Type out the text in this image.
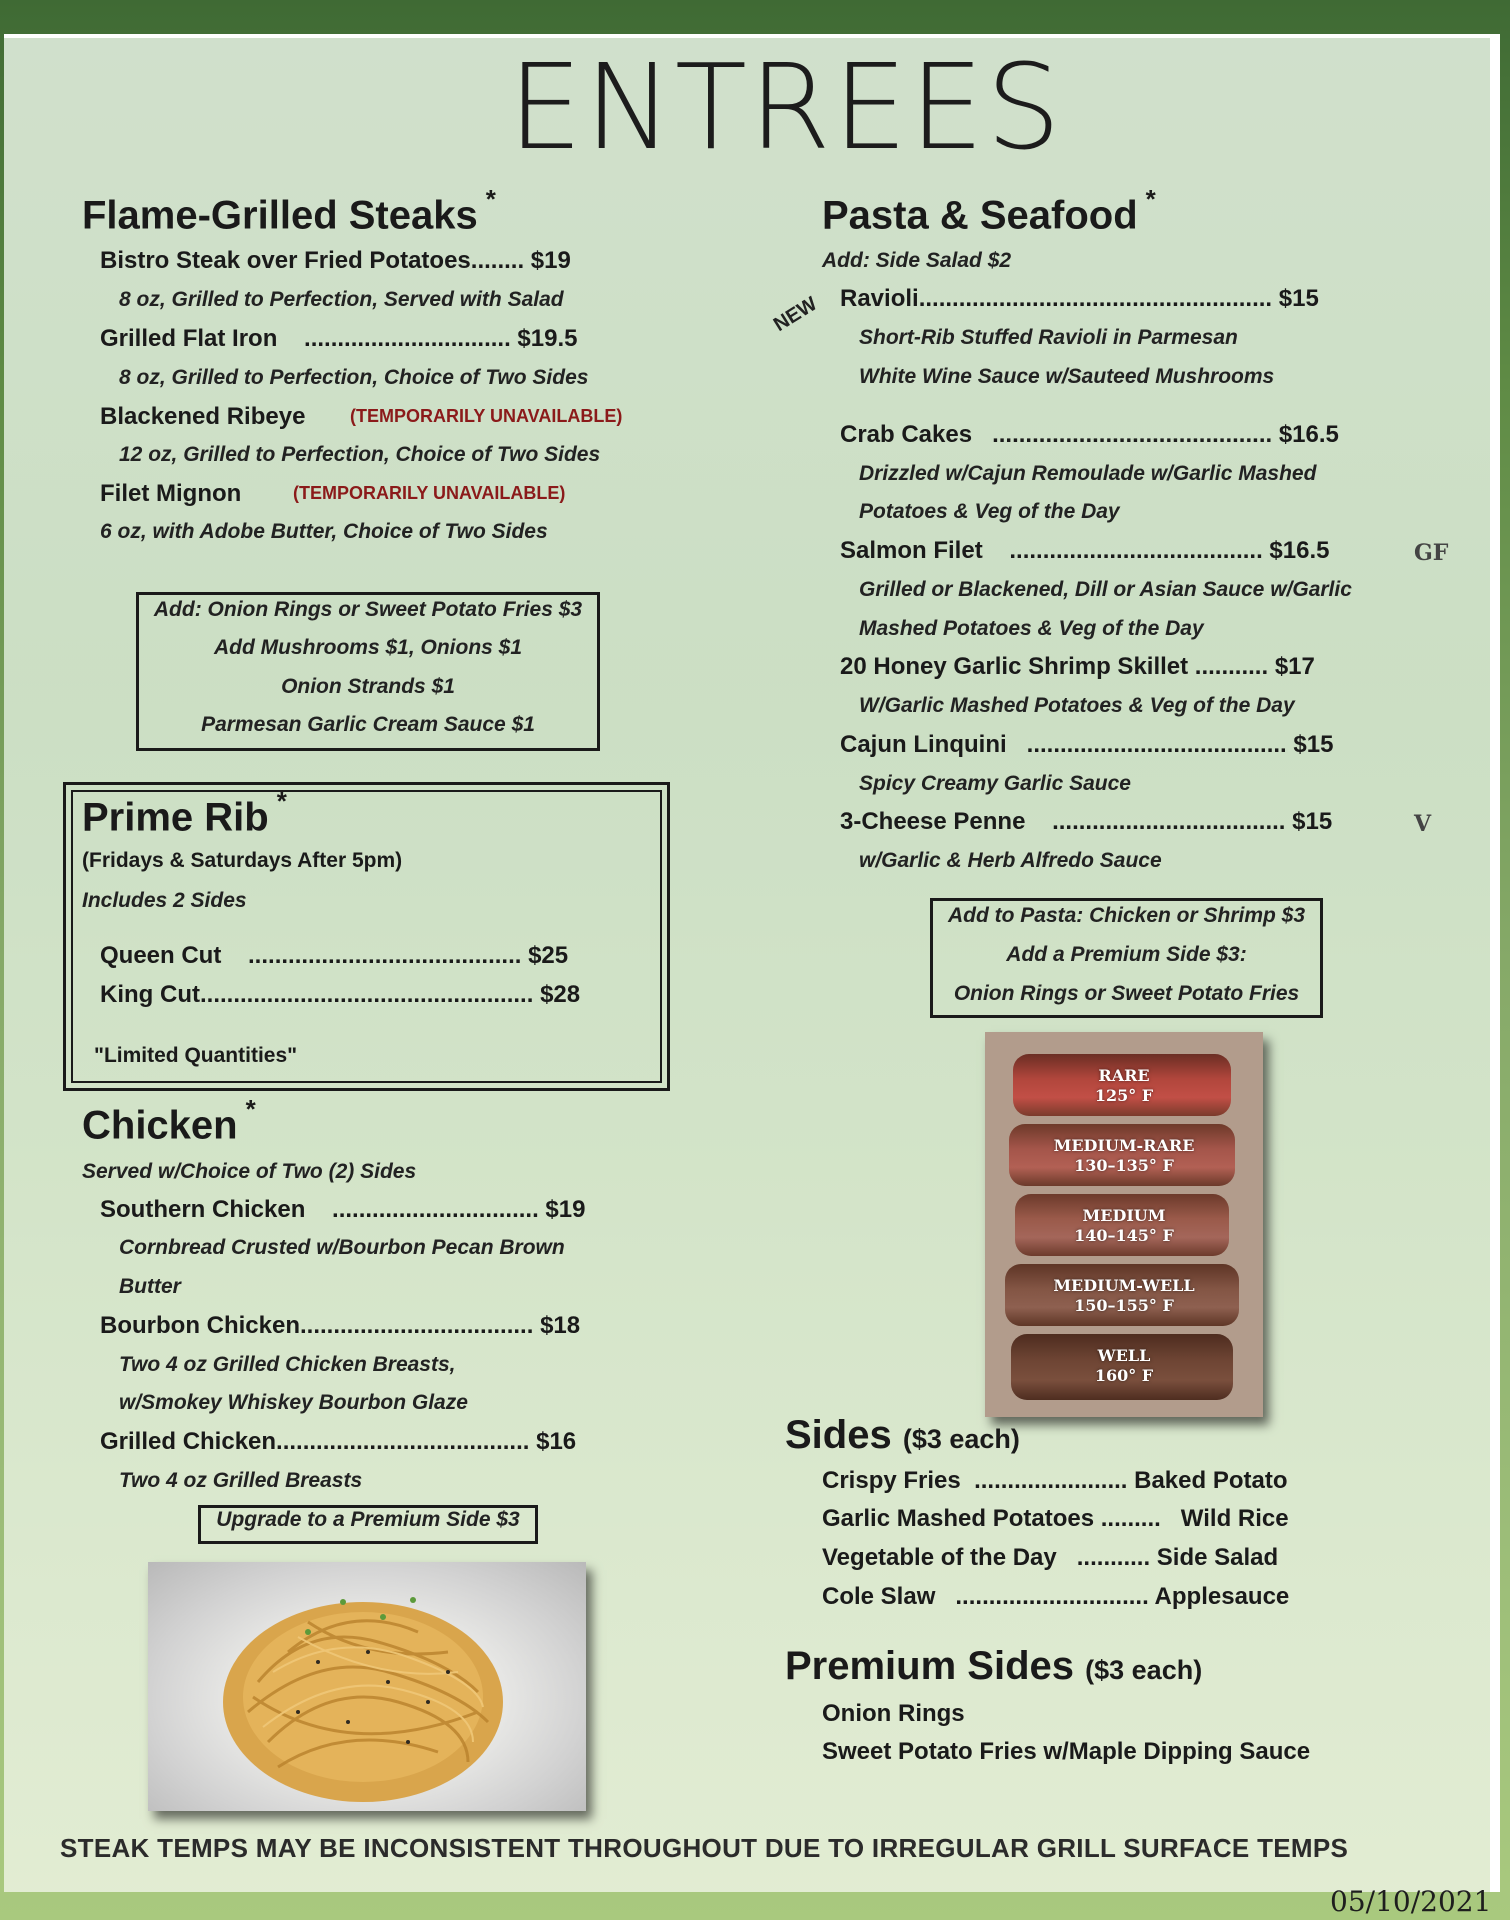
ENTREES
Flame-Grilled Steaks *
Bistro Steak over Fried Potatoes........ $19
8 oz, Grilled to Perfection, Served with Salad
Grilled Flat Iron ............................... $19.5
8 oz, Grilled to Perfection, Choice of Two Sides
Blackened Ribeye (TEMPORARILY UNAVAILABLE)
12 oz, Grilled to Perfection, Choice of Two Sides
Filet Mignon	(TEMPORARILY UNAVAILABLE)
6 oz, with Adobe Butter, Choice of Two Sides
Add: Onion Rings or Sweet Potato Fries $3
Add Mushrooms $1, Onions $1
Onion Strands $1
Parmesan Garlic Cream Sauce $1
Prime Rib *
(Fridays & Saturdays After 5pm)
Includes 2 Sides
Queen Cut ......................................... $25
King Cut.................................................. $28
"Limited Quantities"
Chicken *
Served w/Choice of Two (2) Sides
Southern Chicken ............................... $19
Cornbread Crusted w/Bourbon Pecan Brown
Butter
Bourbon Chicken................................... $18
Two 4 oz Grilled Chicken Breasts,
w/Smokey Whiskey Bourbon Glaze
Grilled Chicken...................................... $16
Two 4 oz Grilled Breasts
Upgrade to a Premium Side $3
Pasta & Seafood *
Add: Side Salad $2
NEW Ravioli..................................................... $15
Short-Rib Stuffed Ravioli in Parmesan
White Wine Sauce w/Sauteed Mushrooms
Crab Cakes .......................................... $16.5
Drizzled w/Cajun Remoulade w/Garlic Mashed
Potatoes & Veg of the Day
Salmon Filet ...................................... $16.5	GF
Grilled or Blackened, Dill or Asian Sauce w/Garlic
Mashed Potatoes & Veg of the Day
20 Honey Garlic Shrimp Skillet ........... $17
W/Garlic Mashed Potatoes & Veg of the Day
Cajun Linquini ....................................... $15
Spicy Creamy Garlic Sauce
3-Cheese Penne ................................... $15	V
w/Garlic & Herb Alfredo Sauce
Add to Pasta: Chicken or Shrimp $3
Add a Premium Side $3:
Onion Rings or Sweet Potato Fries
RARE
125° F
MEDIUM-RARE
130–135° F
MEDIUM
140–145° F
MEDIUM-WELL
150–155° F
WELL
160° F
Sides ($3 each)
Crispy Fries ....................... Baked Potato
Garlic Mashed Potatoes ......... Wild Rice
Vegetable of the Day ........... Side Salad
Cole Slaw ............................. Applesauce
Premium Sides ($3 each)
Onion Rings
Sweet Potato Fries w/Maple Dipping Sauce
STEAK TEMPS MAY BE INCONSISTENT THROUGHOUT DUE TO IRREGULAR GRILL SURFACE TEMPS
05/10/2021
